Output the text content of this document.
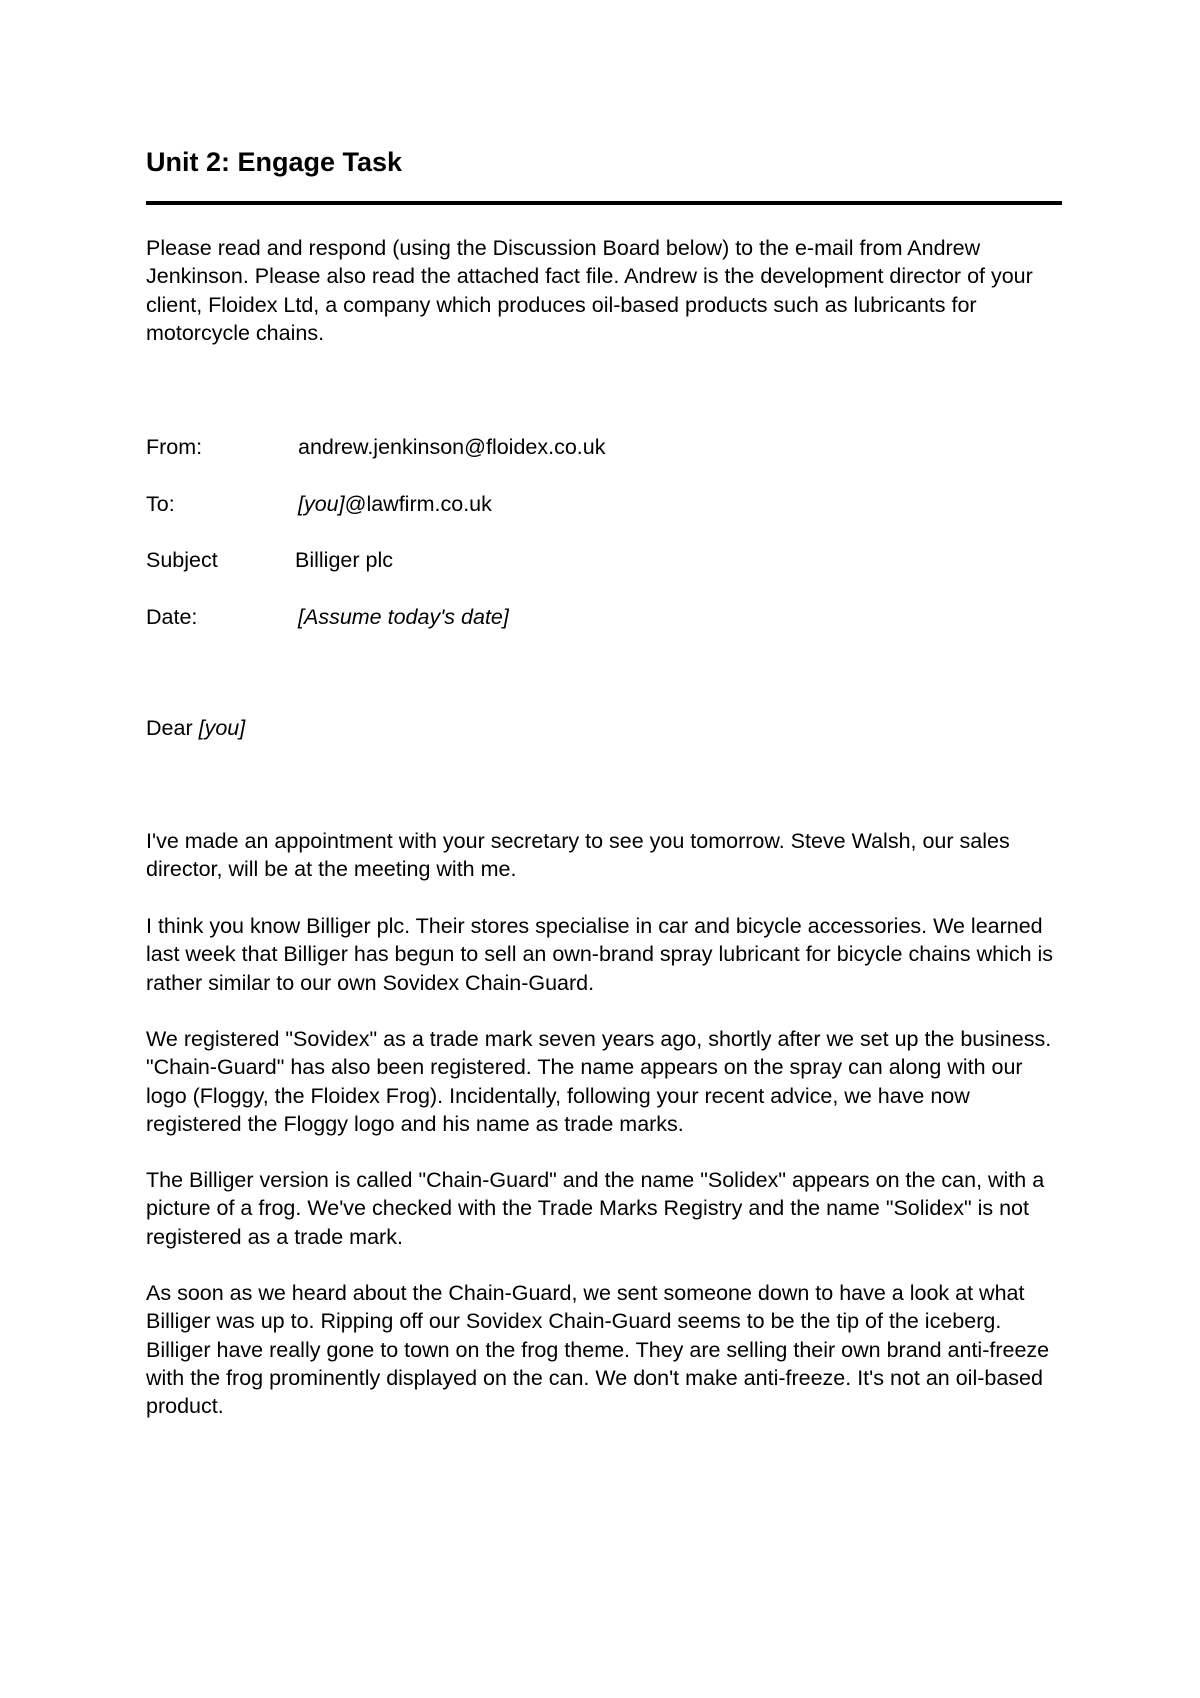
Unit 2: Engage Task

Please read and respond (using the Discussion Board below) to the e-mail from Andrew Jenkinson. Please also read the attached fact file. Andrew is the development director of your client, Floidex Ltd, a company which produces oil-based products such as lubricants for motorcycle chains.

From:	andrew.jenkinson@floidex.co.uk
To:	[you]@lawfirm.co.uk
Subject	Billiger plc
Date:	[Assume today's date]

Dear [you]

I've made an appointment with your secretary to see you tomorrow. Steve Walsh, our sales director, will be at the meeting with me.

I think you know Billiger plc. Their stores specialise in car and bicycle accessories. We learned last week that Billiger has begun to sell an own-brand spray lubricant for bicycle chains which is rather similar to our own Sovidex Chain-Guard.

We registered "Sovidex" as a trade mark seven years ago, shortly after we set up the business. "Chain-Guard" has also been registered. The name appears on the spray can along with our logo (Floggy, the Floidex Frog). Incidentally, following your recent advice, we have now registered the Floggy logo and his name as trade marks.

The Billiger version is called "Chain-Guard" and the name "Solidex" appears on the can, with a picture of a frog. We've checked with the Trade Marks Registry and the name "Solidex" is not registered as a trade mark.

As soon as we heard about the Chain-Guard, we sent someone down to have a look at what Billiger was up to. Ripping off our Sovidex Chain-Guard seems to be the tip of the iceberg. Billiger have really gone to town on the frog theme. They are selling their own brand anti-freeze with the frog prominently displayed on the can. We don't make anti-freeze. It's not an oil-based product.
